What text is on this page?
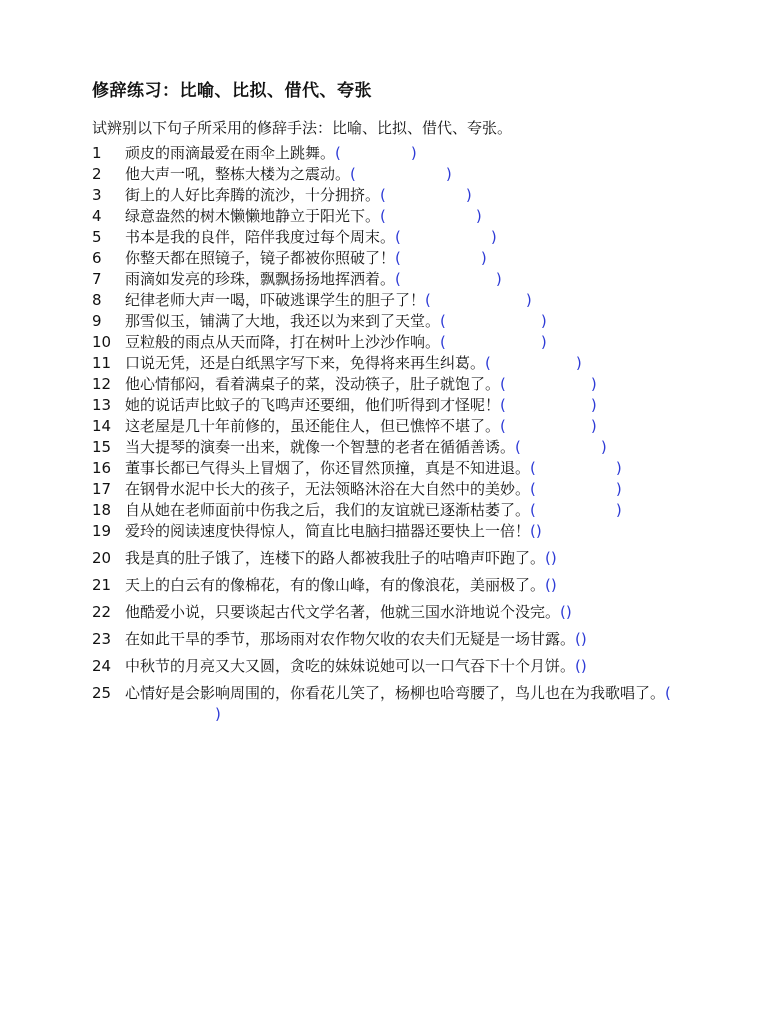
修辞练习：比喻、比拟、借代、夸张
试辨别以下句子所采用的修辞手法：比喻、比拟、借代、夸张。
1	顽皮的雨滴最爱在雨伞上跳舞。(	)
2	他大声一吼，整栋大楼为之震动。(	)
3	街上的人好比奔腾的流沙，十分拥挤。(	)
4	绿意盎然的树木懒懒地静立于阳光下。(	)
5	书本是我的良伴，陪伴我度过每个周末。(	)
6	你整天都在照镜子，镜子都被你照破了！(	)
7	雨滴如发亮的珍珠，飘飘扬扬地挥洒着。(	)
8	纪律老师大声一喝，吓破逃课学生的胆子了！(	)
9	那雪似玉，铺满了大地，我还以为来到了天堂。(	)
10 豆粒般的雨点从天而降，打在树叶上沙沙作响。(	)
11 口说无凭，还是白纸黑字写下来，免得将来再生纠葛。(	)
12 他心情郁闷，看着满桌子的菜，没动筷子，肚子就饱了。(	)
13 她的说话声比蚊子的飞鸣声还要细，他们听得到才怪呢！(	)
14 这老屋是几十年前修的，虽还能住人，但已憔悴不堪了。(	)
15 当大提琴的演奏一出来，就像一个智慧的老者在循循善诱。(	)
16 董事长都已气得头上冒烟了，你还冒然顶撞，真是不知进退。(	)
17 在钢骨水泥中长大的孩子，无法领略沐浴在大自然中的美妙。(	)
18 自从她在老师面前中伤我之后，我们的友谊就已逐渐枯萎了。(	)
19 爱玲的阅读速度快得惊人，简直比电脑扫描器还要快上一倍！()
20 我是真的肚子饿了，连楼下的路人都被我肚子的咕噜声吓跑了。()
21 天上的白云有的像棉花，有的像山峰，有的像浪花，美丽极了。()
22 他酷爱小说，只要谈起古代文学名著，他就三国水浒地说个没完。()
23 在如此干旱的季节，那场雨对农作物欠收的农夫们无疑是一场甘露。()
24 中秋节的月亮又大又圆，贪吃的妹妹说她可以一口气吞下十个月饼。()
25 心情好是会影响周围的，你看花儿笑了，杨柳也哈弯腰了，鸟儿也在为我歌唱了。()
